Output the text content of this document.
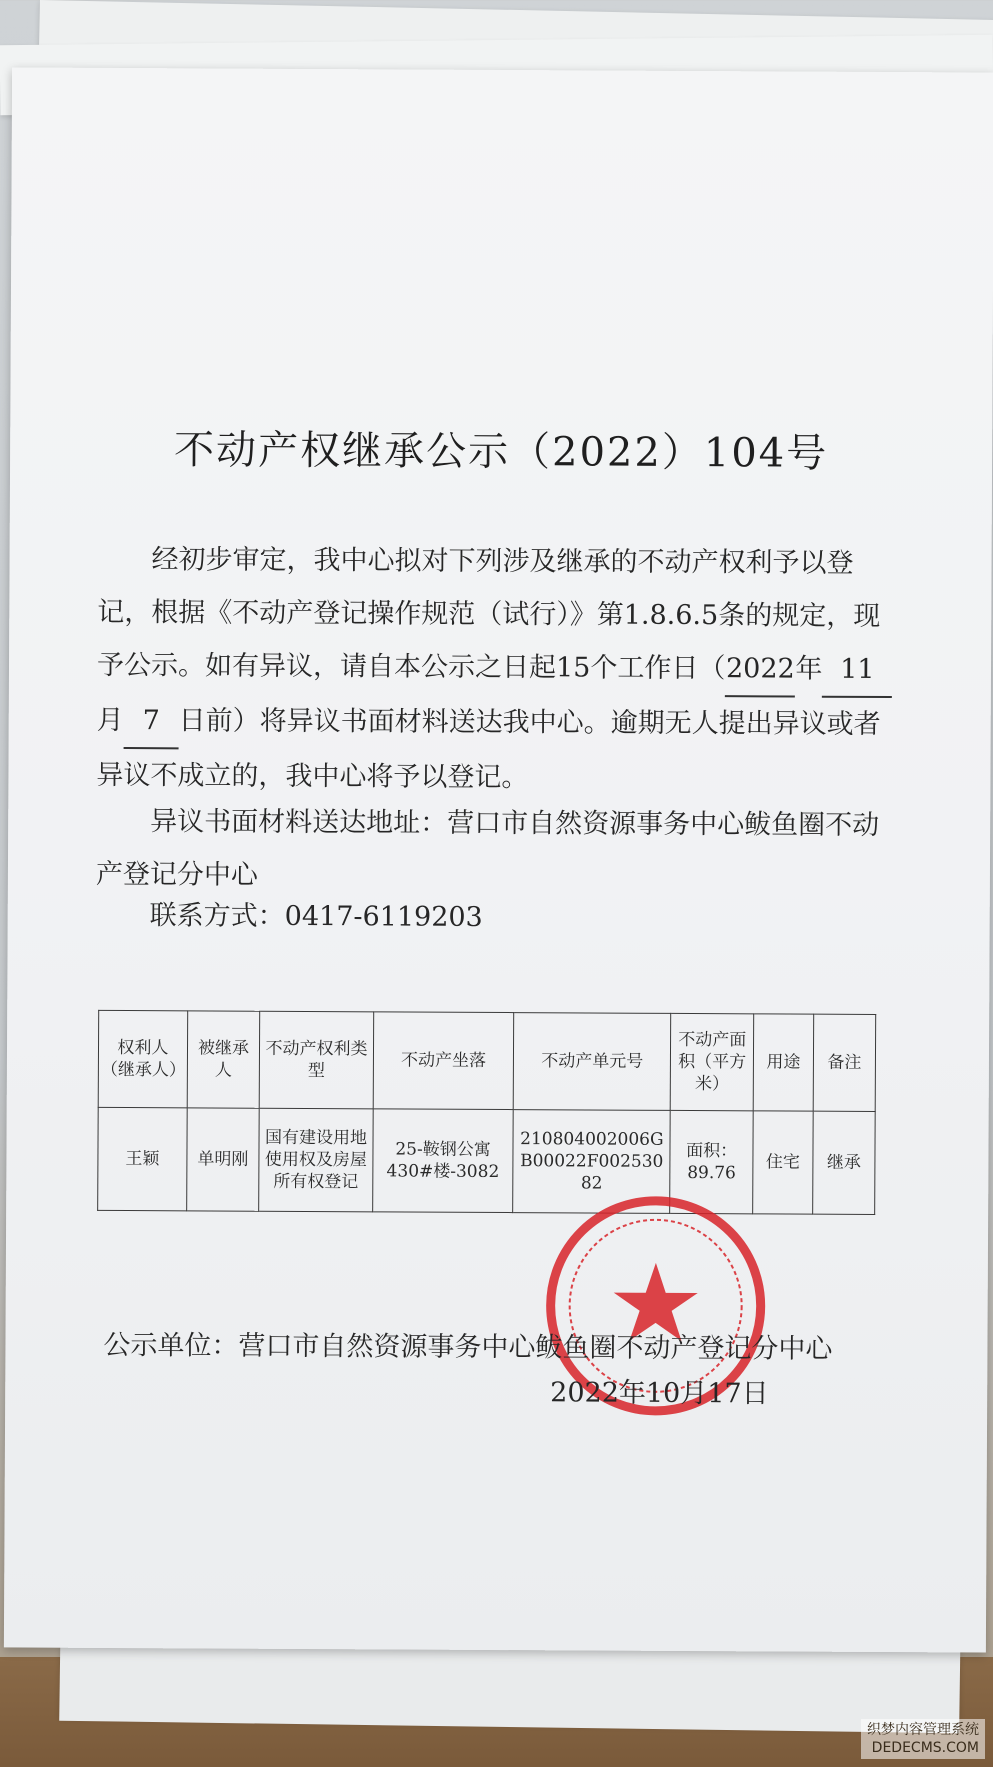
不动产权继承公示（2022）104号
经初步审定，我中心拟对下列涉及继承的不动产权利予以登记，根据《不动产登记操作规范（试行）》第1.8.6.5条的规定，现予公示。如有异议，请自本公示之日起15个工作日（2022年 11月 7 日前）将异议书面材料送达我中心。逾期无人提出异议或者异议不成立的，我中心将予以登记。
异议书面材料送达地址：营口市自然资源事务中心鲅鱼圈不动产登记分中心
联系方式：0417-6119203
权利人（继承人）	被继承人	不动产权利类型	不动产坐落	不动产单元号	不动产面积（平方米）	用途	备注
王颖	单明刚	国有建设用地使用权及房屋所有权登记	25-鞍钢公寓430#楼-3082	210804002006GB00022F00253082	面积：89.76	住宅	继承
公示单位：营口市自然资源事务中心鲅鱼圈不动产登记分中心
2022年10月17日
织梦内容管理系统
DEDECMS.COM
